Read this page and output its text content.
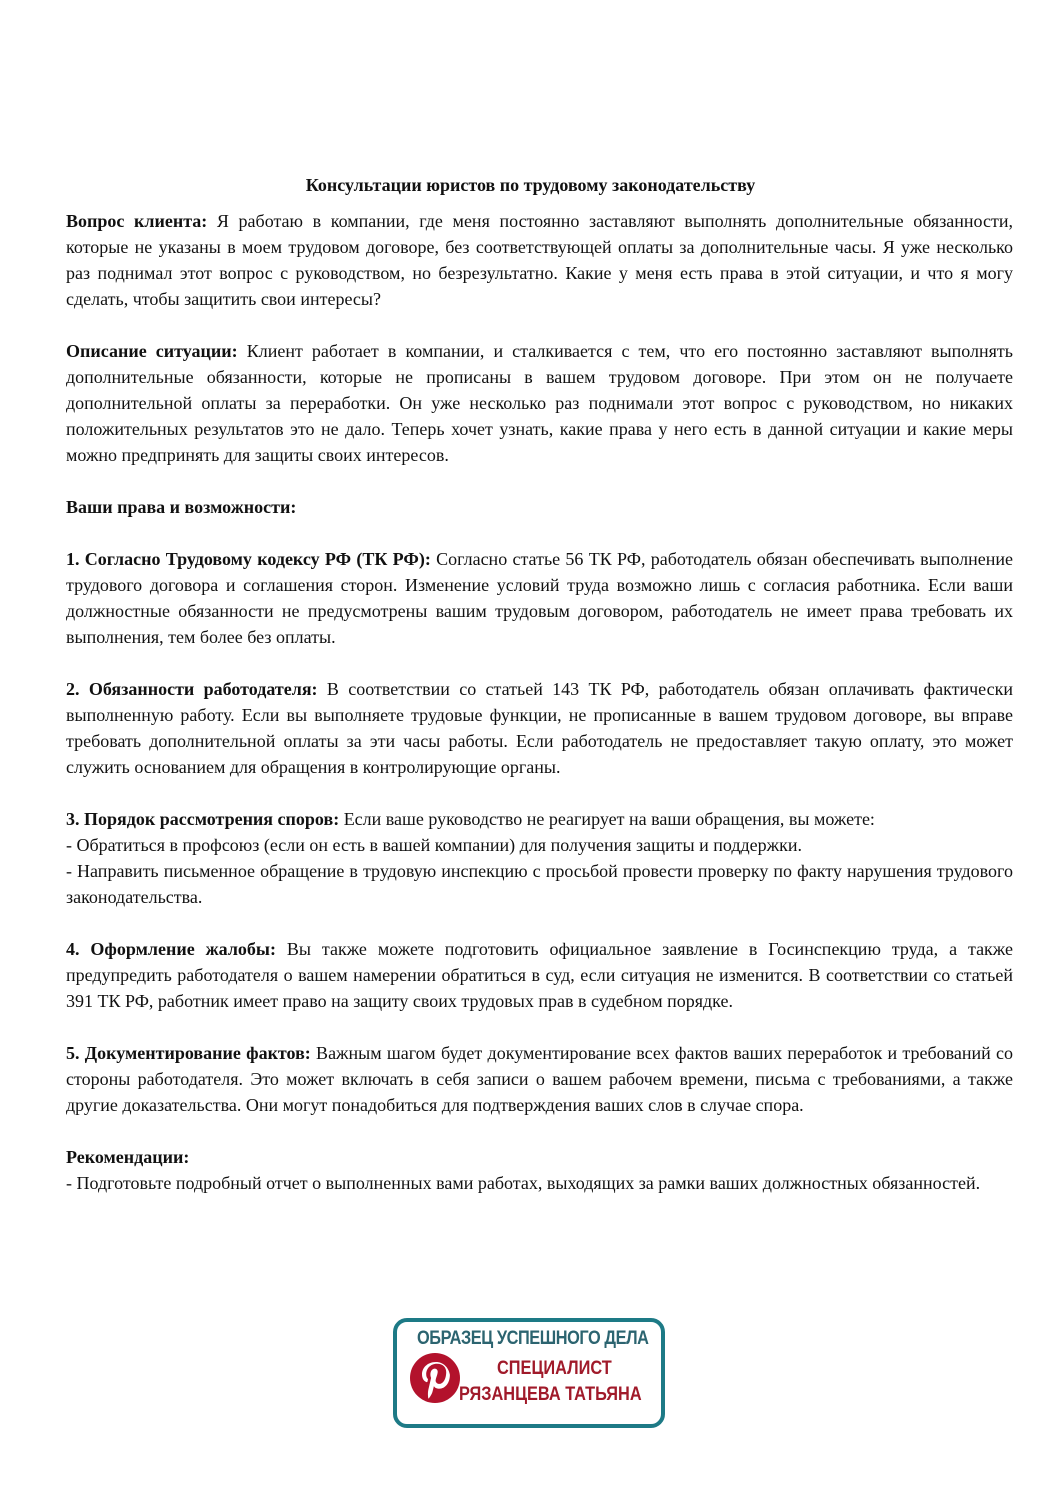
Консультации юристов по трудовому законодательству

Вопрос клиента: Я работаю в компании, где меня постоянно заставляют выполнять дополнительные обязанности, которые не указаны в моем трудовом договоре, без соответствующей оплаты за дополнительные часы. Я уже несколько раз поднимал этот вопрос с руководством, но безрезультатно. Какие у меня есть права в этой ситуации, и что я могу сделать, чтобы защитить свои интересы?

Описание ситуации: Клиент работает в компании, и сталкивается с тем, что его постоянно заставляют выполнять дополнительные обязанности, которые не прописаны в вашем трудовом договоре. При этом он не получаете дополнительной оплаты за переработки. Он уже несколько раз поднимали этот вопрос с руководством, но никаких положительных результатов это не дало. Теперь хочет узнать, какие права у него есть в данной ситуации и какие меры можно предпринять для защиты своих интересов.

Ваши права и возможности:

1. Согласно Трудовому кодексу РФ (ТК РФ): Согласно статье 56 ТК РФ, работодатель обязан обеспечивать выполнение трудового договора и соглашения сторон. Изменение условий труда возможно лишь с согласия работника. Если ваши должностные обязанности не предусмотрены вашим трудовым договором, работодатель не имеет права требовать их выполнения, тем более без оплаты.

2. Обязанности работодателя: В соответствии со статьей 143 ТК РФ, работодатель обязан оплачивать фактически выполненную работу. Если вы выполняете трудовые функции, не прописанные в вашем трудовом договоре, вы вправе требовать дополнительной оплаты за эти часы работы. Если работодатель не предоставляет такую оплату, это может служить основанием для обращения в контролирующие органы.

3. Порядок рассмотрения споров: Если ваше руководство не реагирует на ваши обращения, вы можете:

- Обратиться в профсоюз (если он есть в вашей компании) для получения защиты и поддержки.

- Направить письменное обращение в трудовую инспекцию с просьбой провести проверку по факту нарушения трудового законодательства.

4. Оформление жалобы: Вы также можете подготовить официальное заявление в Госинспекцию труда, а также предупредить работодателя о вашем намерении обратиться в суд, если ситуация не изменится. В соответствии со статьей 391 ТК РФ, работник имеет право на защиту своих трудовых прав в судебном порядке.

5. Документирование фактов: Важным шагом будет документирование всех фактов ваших переработок и требований со стороны работодателя. Это может включать в себя записи о вашем рабочем времени, письма с требованиями, а также другие доказательства. Они могут понадобиться для подтверждения ваших слов в случае спора.

Рекомендации:

- Подготовьте подробный отчет о выполненных вами работах, выходящих за рамки ваших должностных обязанностей.

ОБРАЗЕЦ УСПЕШНОГО ДЕЛА
СПЕЦИАЛИСТ
РЯЗАНЦЕВА ТАТЬЯНА
